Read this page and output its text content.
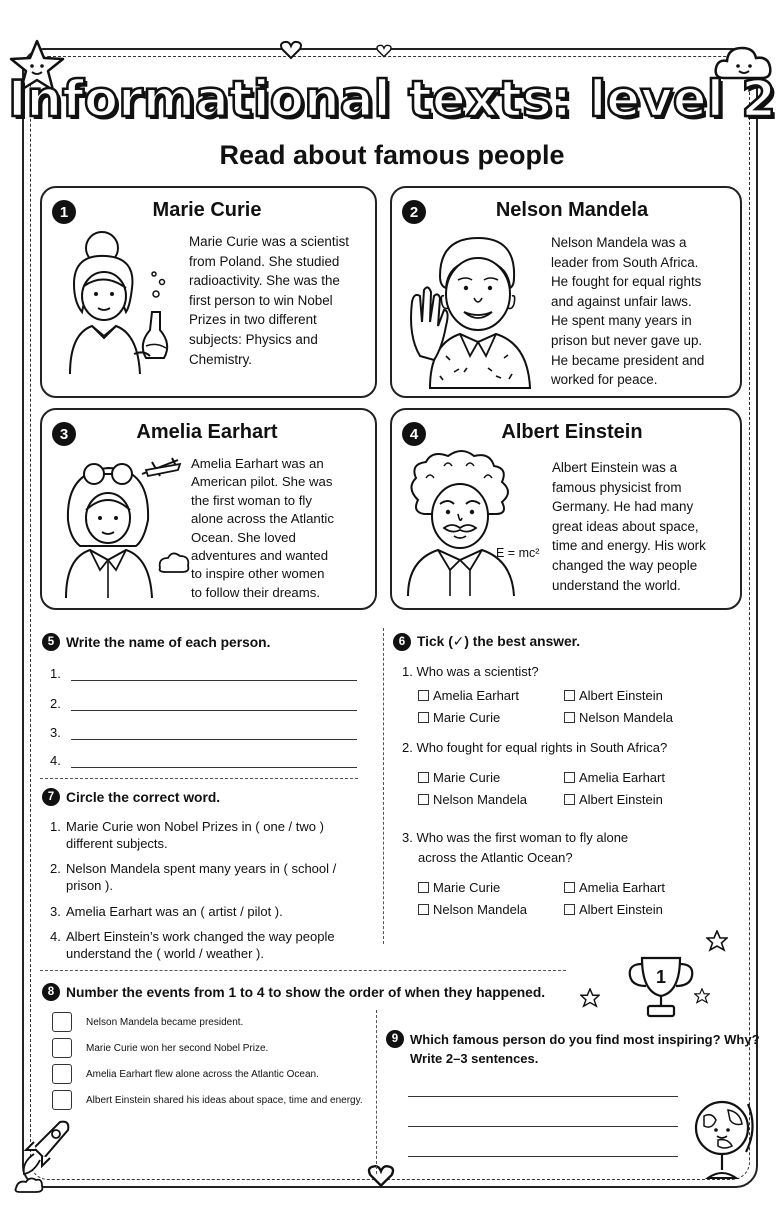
Informational texts: level 2
Read about famous people
1	Marie Curie
Marie Curie was a scientist
from Poland. She studied
radioactivity. She was the
first person to win Nobel
Prizes in two different
subjects: Physics and
Chemistry.
2	Nelson Mandela
Nelson Mandela was a
leader from South Africa.
He fought for equal rights
and against unfair laws.
He spent many years in
prison but never gave up.
He became president and
worked for peace.
3	Amelia Earhart
Amelia Earhart was an
American pilot. She was
the first woman to fly
alone across the Atlantic
Ocean. She loved
adventures and wanted
to inspire other women
to follow their dreams.
4	Albert Einstein
E = mc²
Albert Einstein was a
famous physicist from
Germany. He had many
great ideas about space,
time and energy. His work
changed the way people
understand the world.
5 Write the name of each person.
1.
2.
3.
4.
7 Circle the correct word.
1. Marie Curie won Nobel Prizes in ( one / two )
different subjects.
2. Nelson Mandela spent many years in ( school /
prison ).
3. Amelia Earhart was an ( artist / pilot ).
4. Albert Einstein’s work changed the way people
understand the ( world / weather ).
6 Tick (✓) the best answer.
1. Who was a scientist?
Amelia Earhart	Albert Einstein
Marie Curie	Nelson Mandela
2. Who fought for equal rights in South Africa?
Marie Curie	Amelia Earhart
Nelson Mandela	Albert Einstein
3. Who was the first woman to fly alone
across the Atlantic Ocean?
Marie Curie	Amelia Earhart
Nelson Mandela	Albert Einstein
1
8 Number the events from 1 to 4 to show the order of when they happened.
Nelson Mandela became president.
Marie Curie won her second Nobel Prize.
Amelia Earhart flew alone across the Atlantic Ocean.
Albert Einstein shared his ideas about space, time and energy.
9 Which famous person do you find most inspiring? Why?
Write 2–3 sentences.
